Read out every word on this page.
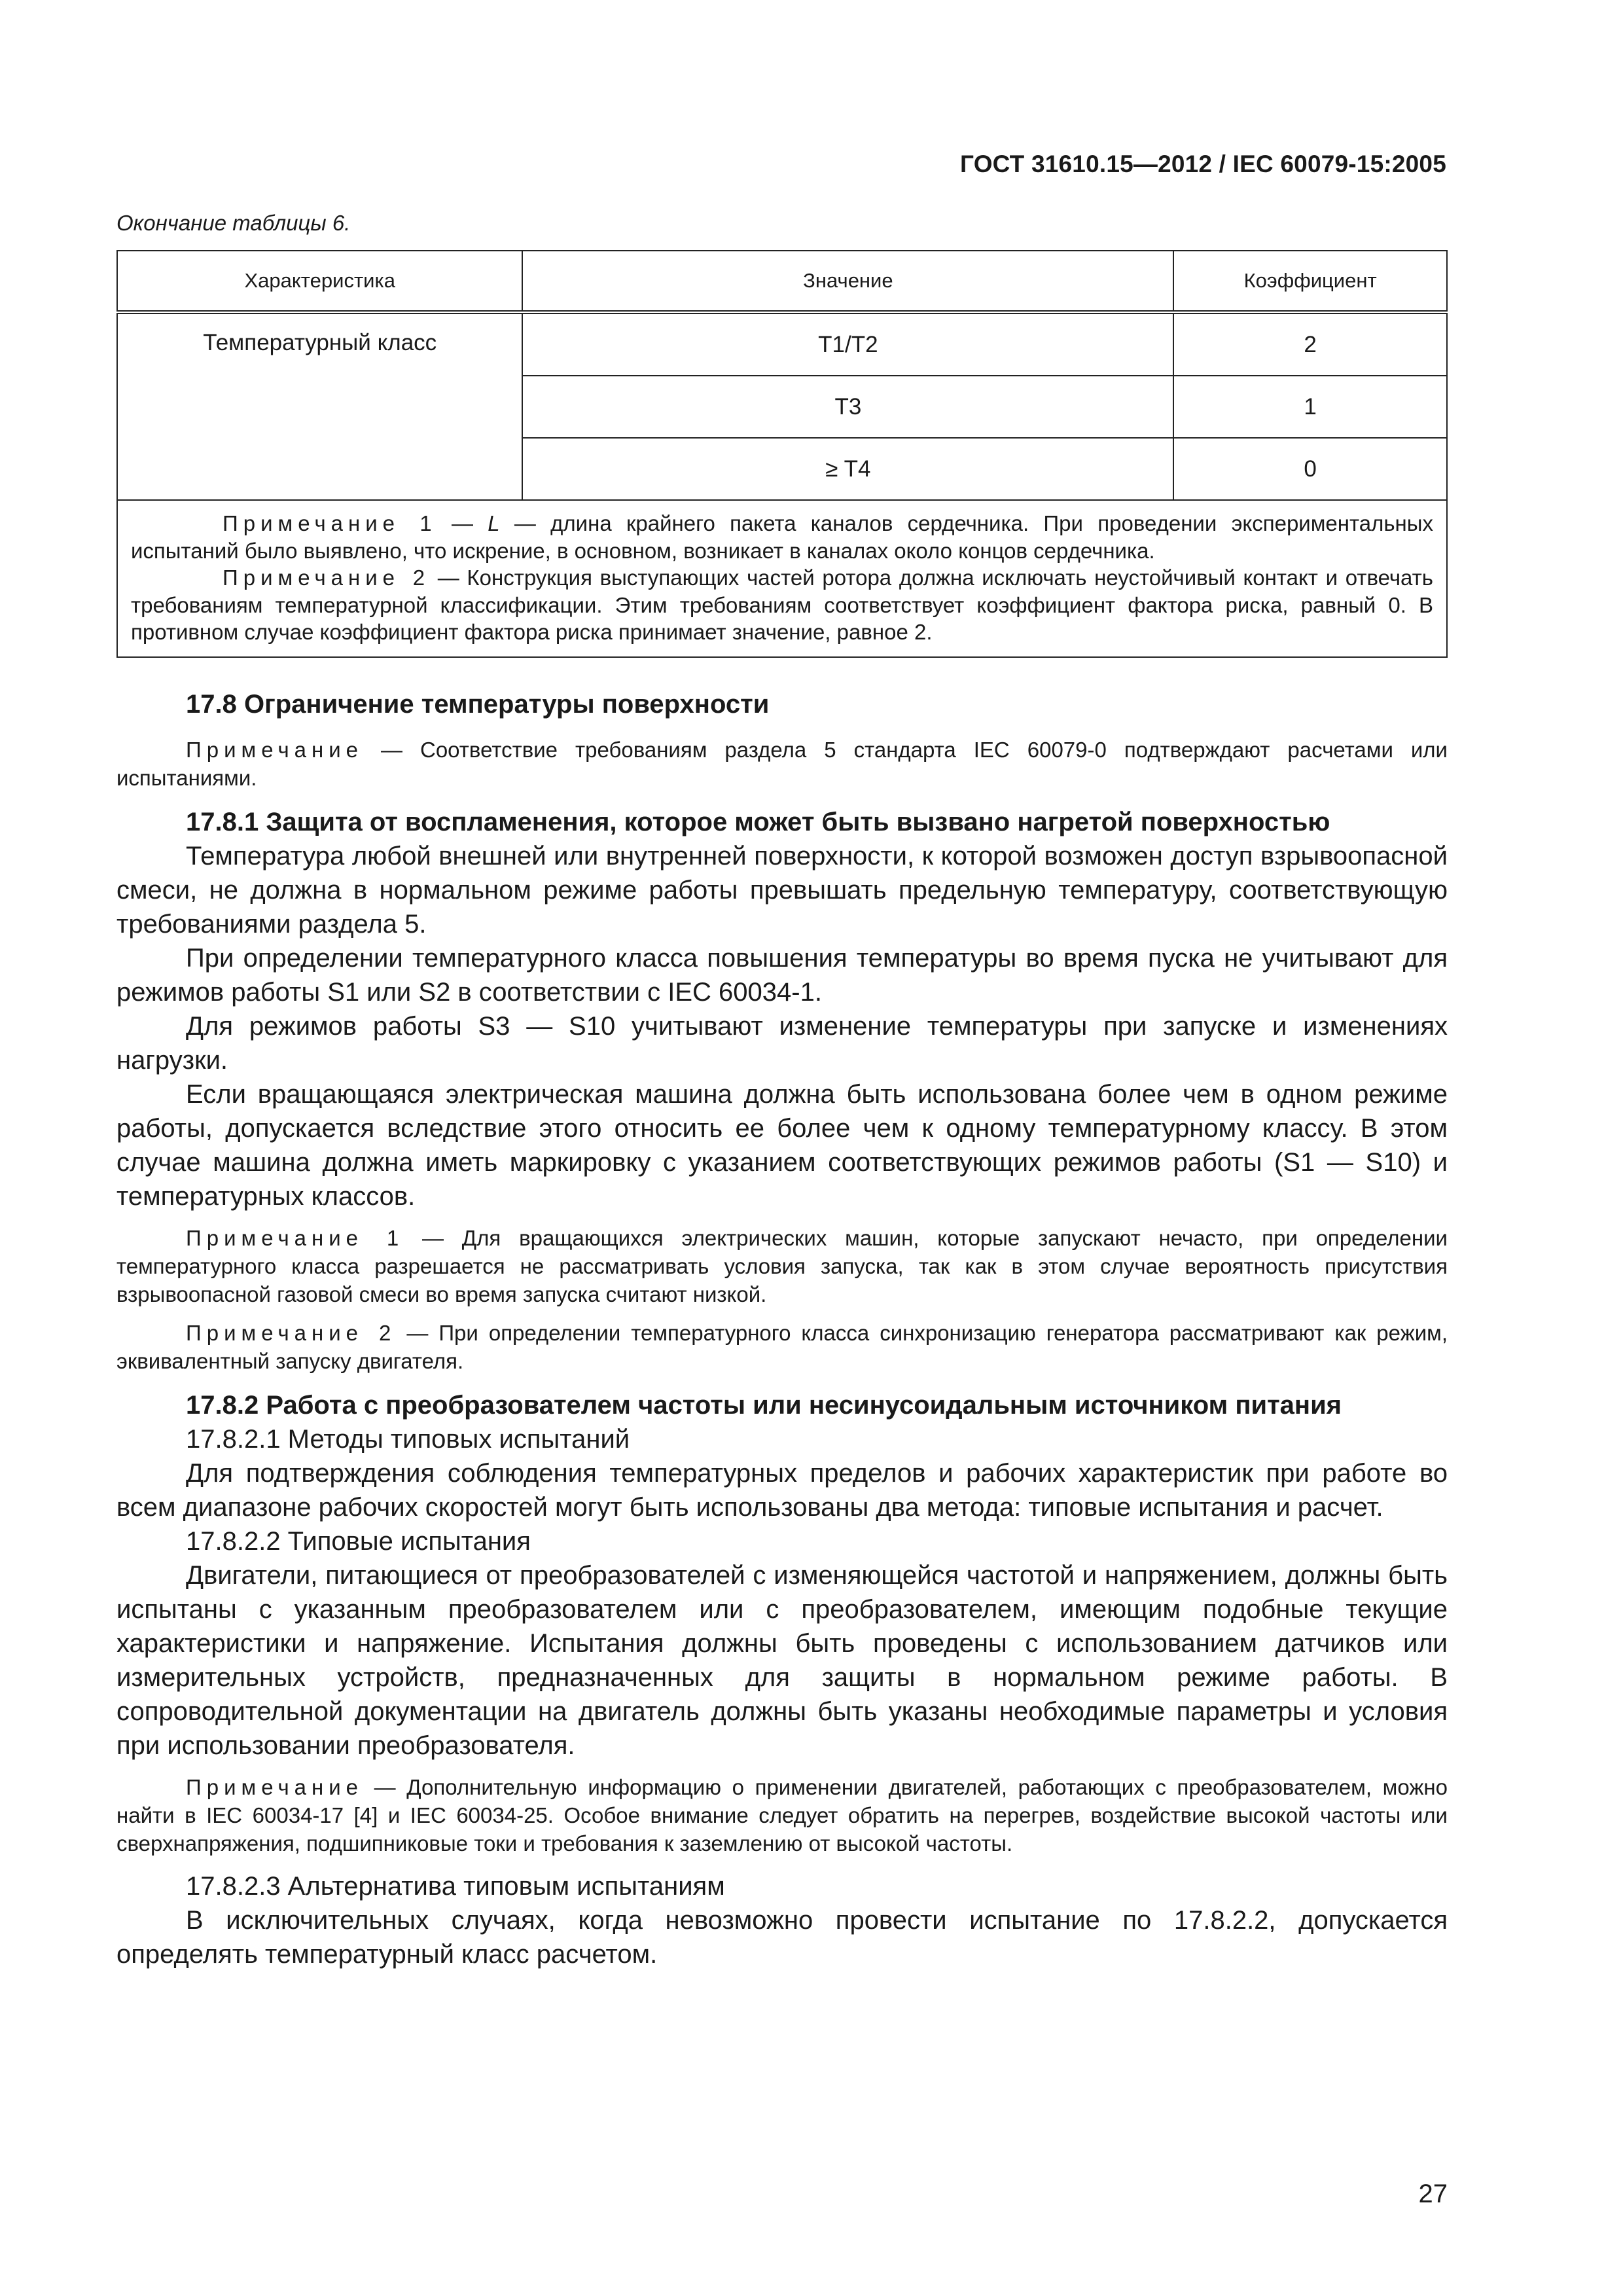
ГОСТ 31610.15—2012 / IEC 60079-15:2005
Окончание таблицы 6.
Характеристика	Значение	Коэффициент
Температурный класс	T1/T2	2
	T3	1
	≥ T4	0

Примечание 1 — L — длина крайнего пакета каналов сердечника. При проведении экспериментальных испытаний было выявлено, что искрение, в основном, возникает в каналах около концов сердечника.
Примечание 2 — Конструкция выступающих частей ротора должна исключать неустойчивый контакт и отвечать требованиям температурной классификации. Этим требованиям соответствует коэффициент фактора риска, равный 0. В противном случае коэффициент фактора риска принимает значение, равное 2.		

17.8 Ограничение температуры поверхности

Примечание — Соответствие требованиям раздела 5 стандарта IEC 60079-0 подтверждают расчетами или испытаниями.

17.8.1 Защита от воспламенения, которое может быть вызвано нагретой поверхностью

Температура любой внешней или внутренней поверхности, к которой возможен доступ взрывоопасной смеси, не должна в нормальном режиме работы превышать предельную температуру, соответствующую требованиями раздела 5.

При определении температурного класса повышения температуры во время пуска не учитывают для режимов работы S1 или S2 в соответствии с IEC 60034-1.

Для режимов работы S3 — S10 учитывают изменение температуры при запуске и изменениях нагрузки.

Если вращающаяся электрическая машина должна быть использована более чем в одном режиме работы, допускается вследствие этого относить ее более чем к одному температурному классу. В этом случае машина должна иметь маркировку с указанием соответствующих режимов работы (S1 — S10) и температурных классов.

Примечание 1 — Для вращающихся электрических машин, которые запускают нечасто, при определении температурного класса разрешается не рассматривать условия запуска, так как в этом случае вероятность присутствия взрывоопасной газовой смеси во время запуска считают низкой.

Примечание 2 — При определении температурного класса синхронизацию генератора рассматривают как режим, эквивалентный запуску двигателя.

17.8.2 Работа с преобразователем частоты или несинусоидальным источником питания

17.8.2.1 Методы типовых испытаний

Для подтверждения соблюдения температурных пределов и рабочих характеристик при работе во всем диапазоне рабочих скоростей могут быть использованы два метода: типовые испытания и расчет.

17.8.2.2 Типовые испытания

Двигатели, питающиеся от преобразователей с изменяющейся частотой и напряжением, должны быть испытаны с указанным преобразователем или с преобразователем, имеющим подобные текущие характеристики и напряжение. Испытания должны быть проведены с использованием датчиков или измерительных устройств, предназначенных для защиты в нормальном режиме работы. В сопроводительной документации на двигатель должны быть указаны необходимые параметры и условия при использовании преобразователя.

Примечание — Дополнительную информацию о применении двигателей, работающих с преобразователем, можно найти в IEC 60034-17 [4] и IEC 60034-25. Особое внимание следует обратить на перегрев, воздействие высокой частоты или сверхнапряжения, подшипниковые токи и требования к заземлению от высокой частоты.

17.8.2.3 Альтернатива типовым испытаниям

В исключительных случаях, когда невозможно провести испытание по 17.8.2.2, допускается определять температурный класс расчетом.

27
